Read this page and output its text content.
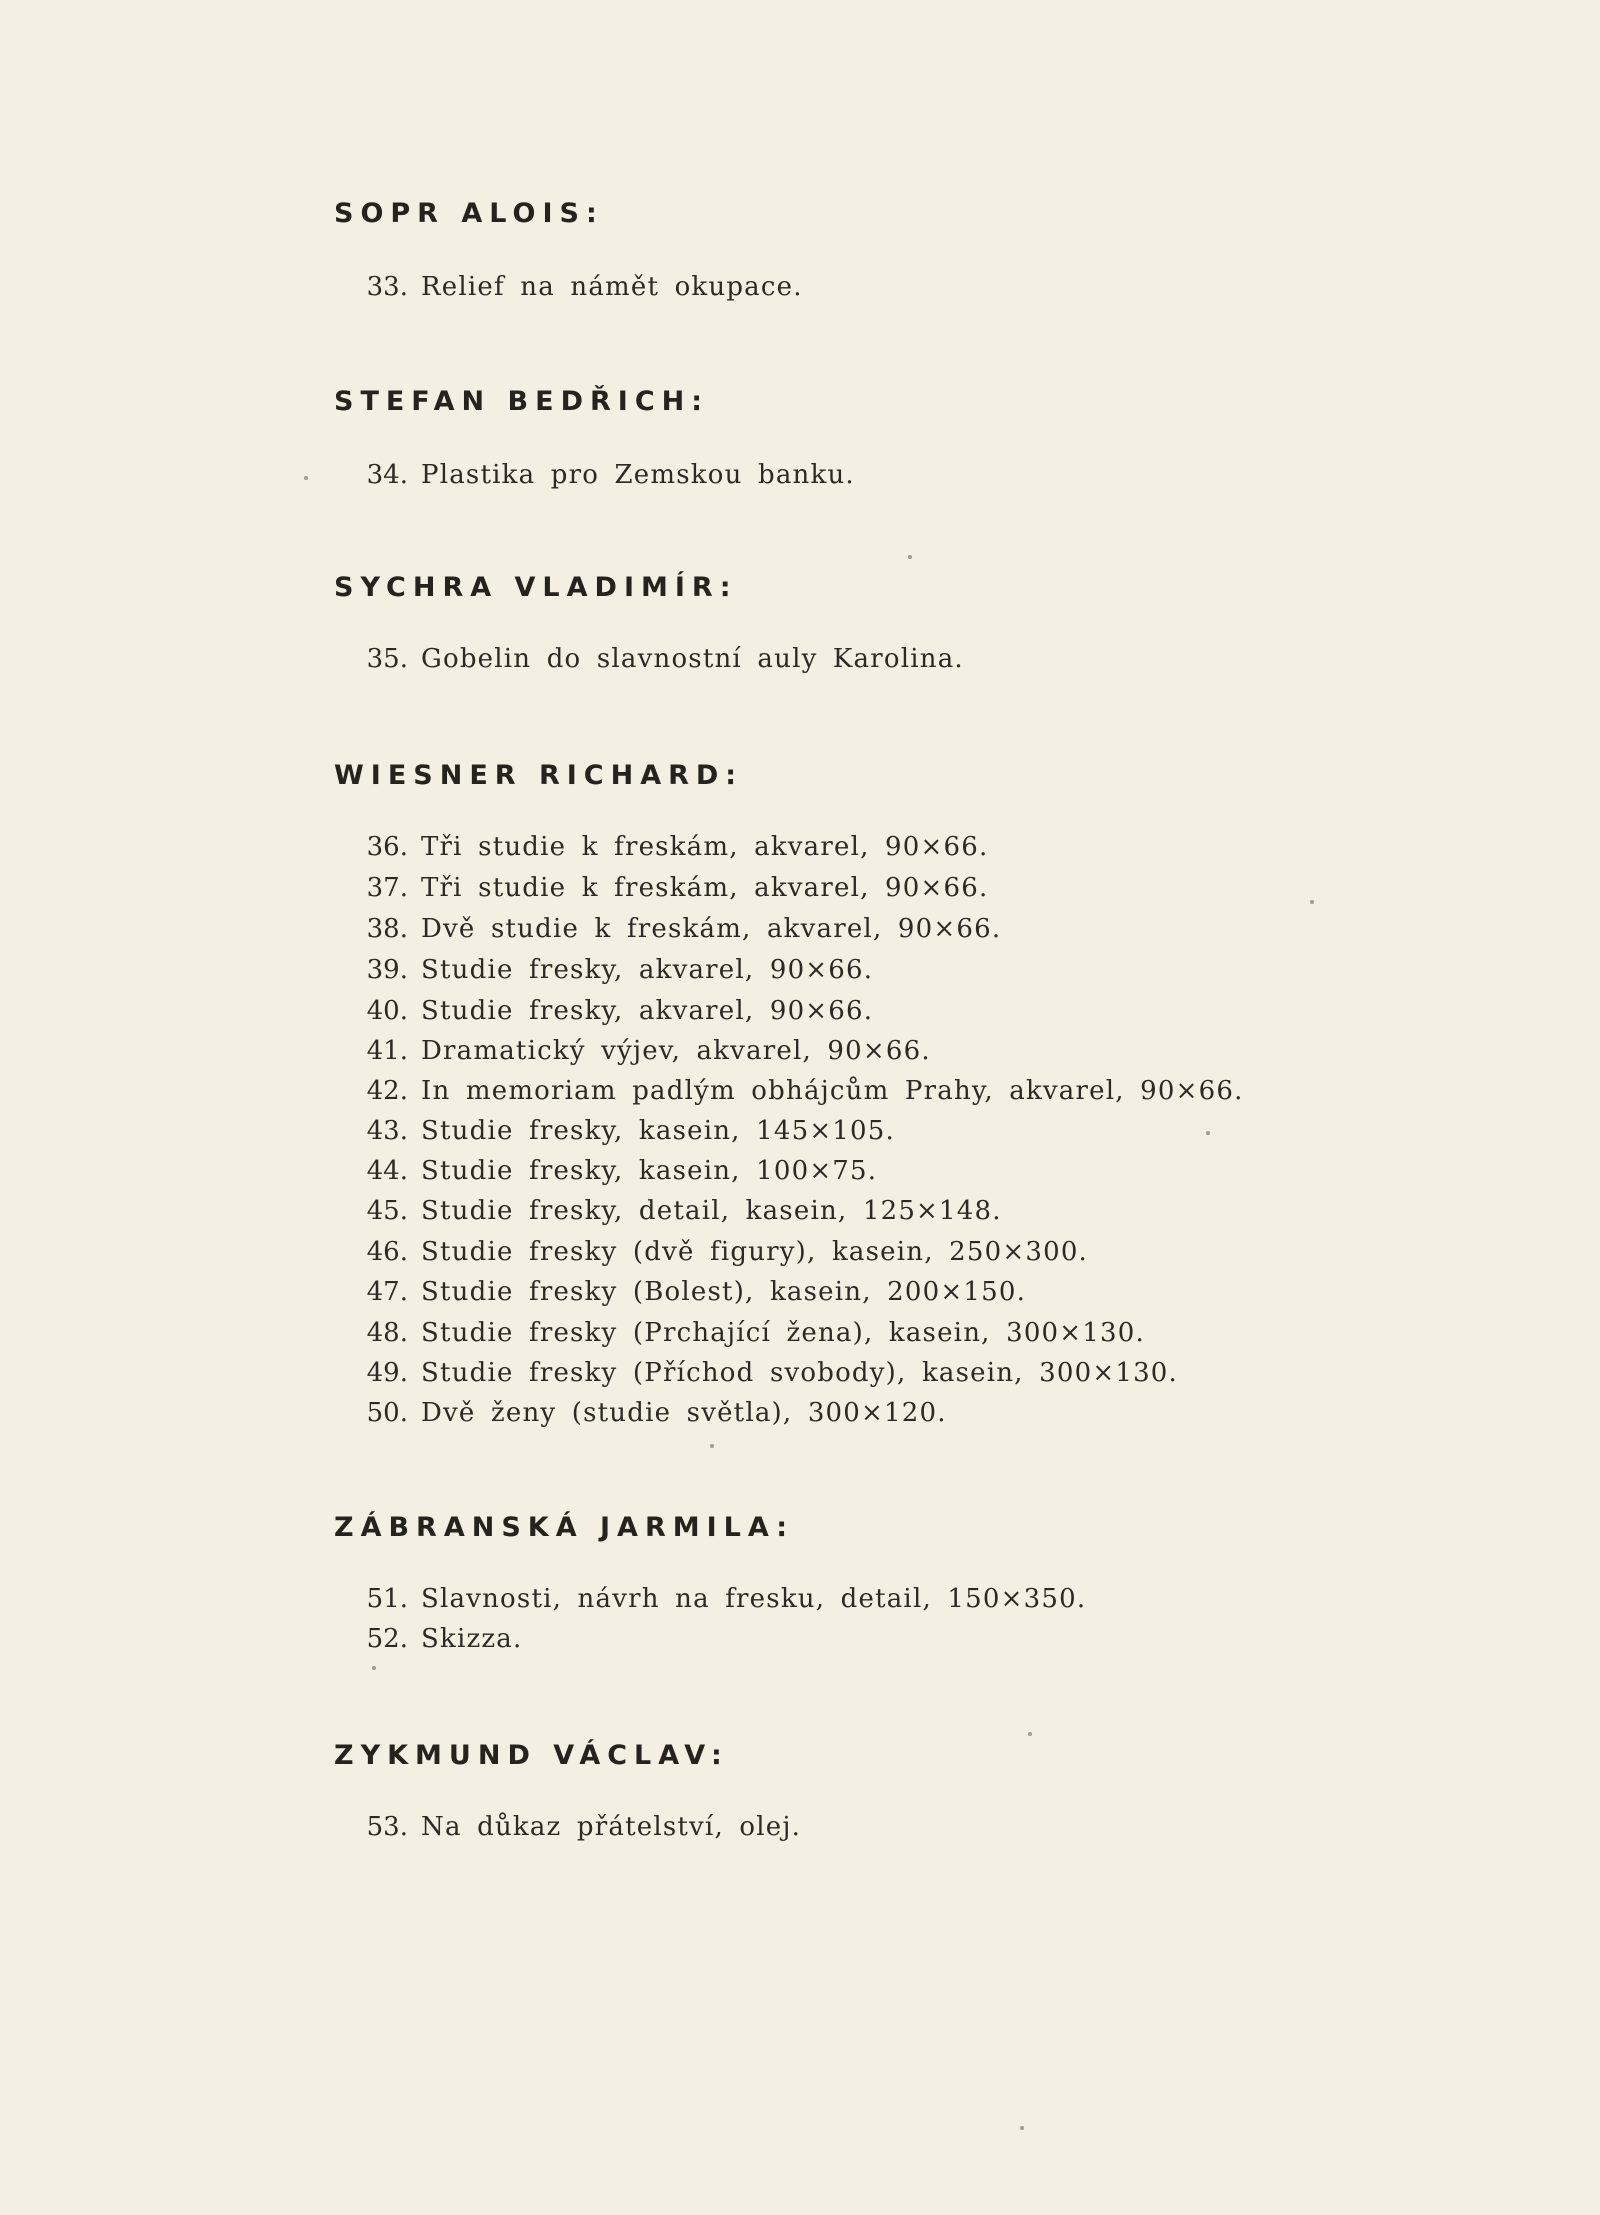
SOPR ALOIS:
33. Relief na námět okupace.
STEFAN BEDŘICH:
34. Plastika pro Zemskou banku.
SYCHRA VLADIMÍR:
35. Gobelin do slavnostní auly Karolina.
WIESNER RICHARD:
36. Tři studie k freskám, akvarel, 90×66.
37. Tři studie k freskám, akvarel, 90×66.
38. Dvě studie k freskám, akvarel, 90×66.
39. Studie fresky, akvarel, 90×66.
40. Studie fresky, akvarel, 90×66.
41. Dramatický výjev, akvarel, 90×66.
42. In memoriam padlým obhájcům Prahy, akvarel, 90×66.
43. Studie fresky, kasein, 145×105.
44. Studie fresky, kasein, 100×75.
45. Studie fresky, detail, kasein, 125×148.
46. Studie fresky (dvě figury), kasein, 250×300.
47. Studie fresky (Bolest), kasein, 200×150.
48. Studie fresky (Prchající žena), kasein, 300×130.
49. Studie fresky (Příchod svobody), kasein, 300×130.
50. Dvě ženy (studie světla), 300×120.
ZÁBRANSKÁ JARMILA:
51. Slavnosti, návrh na fresku, detail, 150×350.
52. Skizza.
ZYKMUND VÁCLAV:
53. Na důkaz přátelství, olej.
